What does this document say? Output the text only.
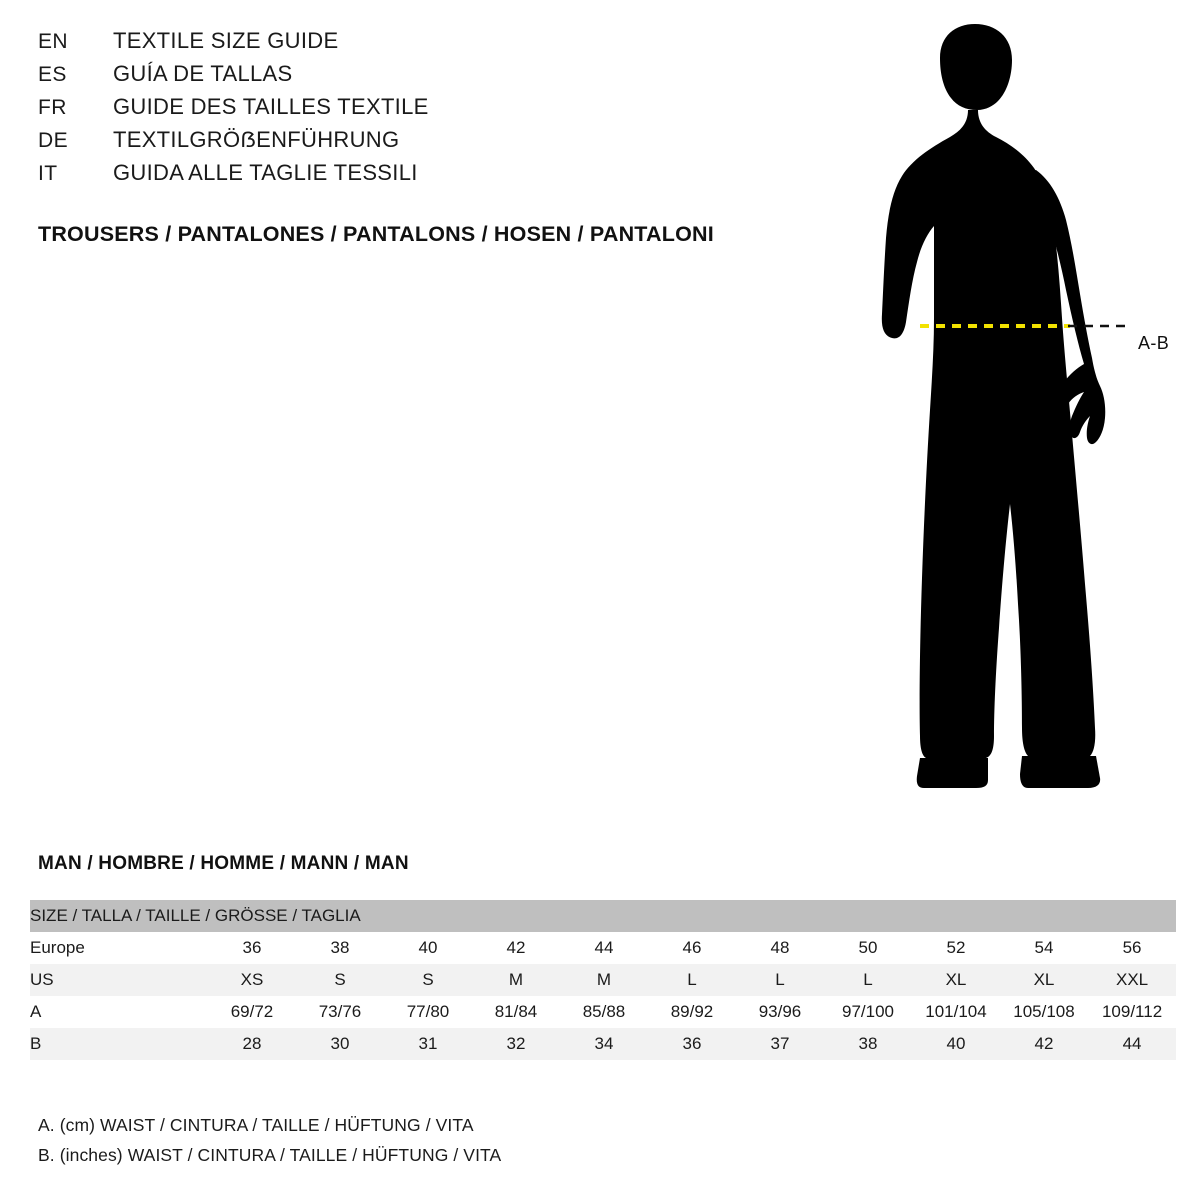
EN	TEXTILE SIZE GUIDE
ES	GUÍA DE TALLAS
FR	GUIDE DES TAILLES TEXTILE
DE	TEXTILGRÖẞENFÜHRUNG
IT	GUIDA ALLE TAGLIE TESSILI
TROUSERS / PANTALONES / PANTALONS / HOSEN / PANTALONI
A-B
MAN / HOMBRE / HOMME / MANN / MAN
SIZE / TALLA / TAILLE / GRÖSSE / TAGLIA											
Europe	36	38	40	42	44	46	48	50	52	54	56
US	XS	S	S	M	M	L	L	L	XL	XL	XXL
A	69/72	73/76	77/80	81/84	85/88	89/92	93/96	97/100	101/104	105/108	109/112
B	28	30	31	32	34	36	37	38	40	42	44
A. (cm) WAIST / CINTURA / TAILLE / HÜFTUNG / VITA
B. (inches) WAIST / CINTURA / TAILLE / HÜFTUNG / VITA
